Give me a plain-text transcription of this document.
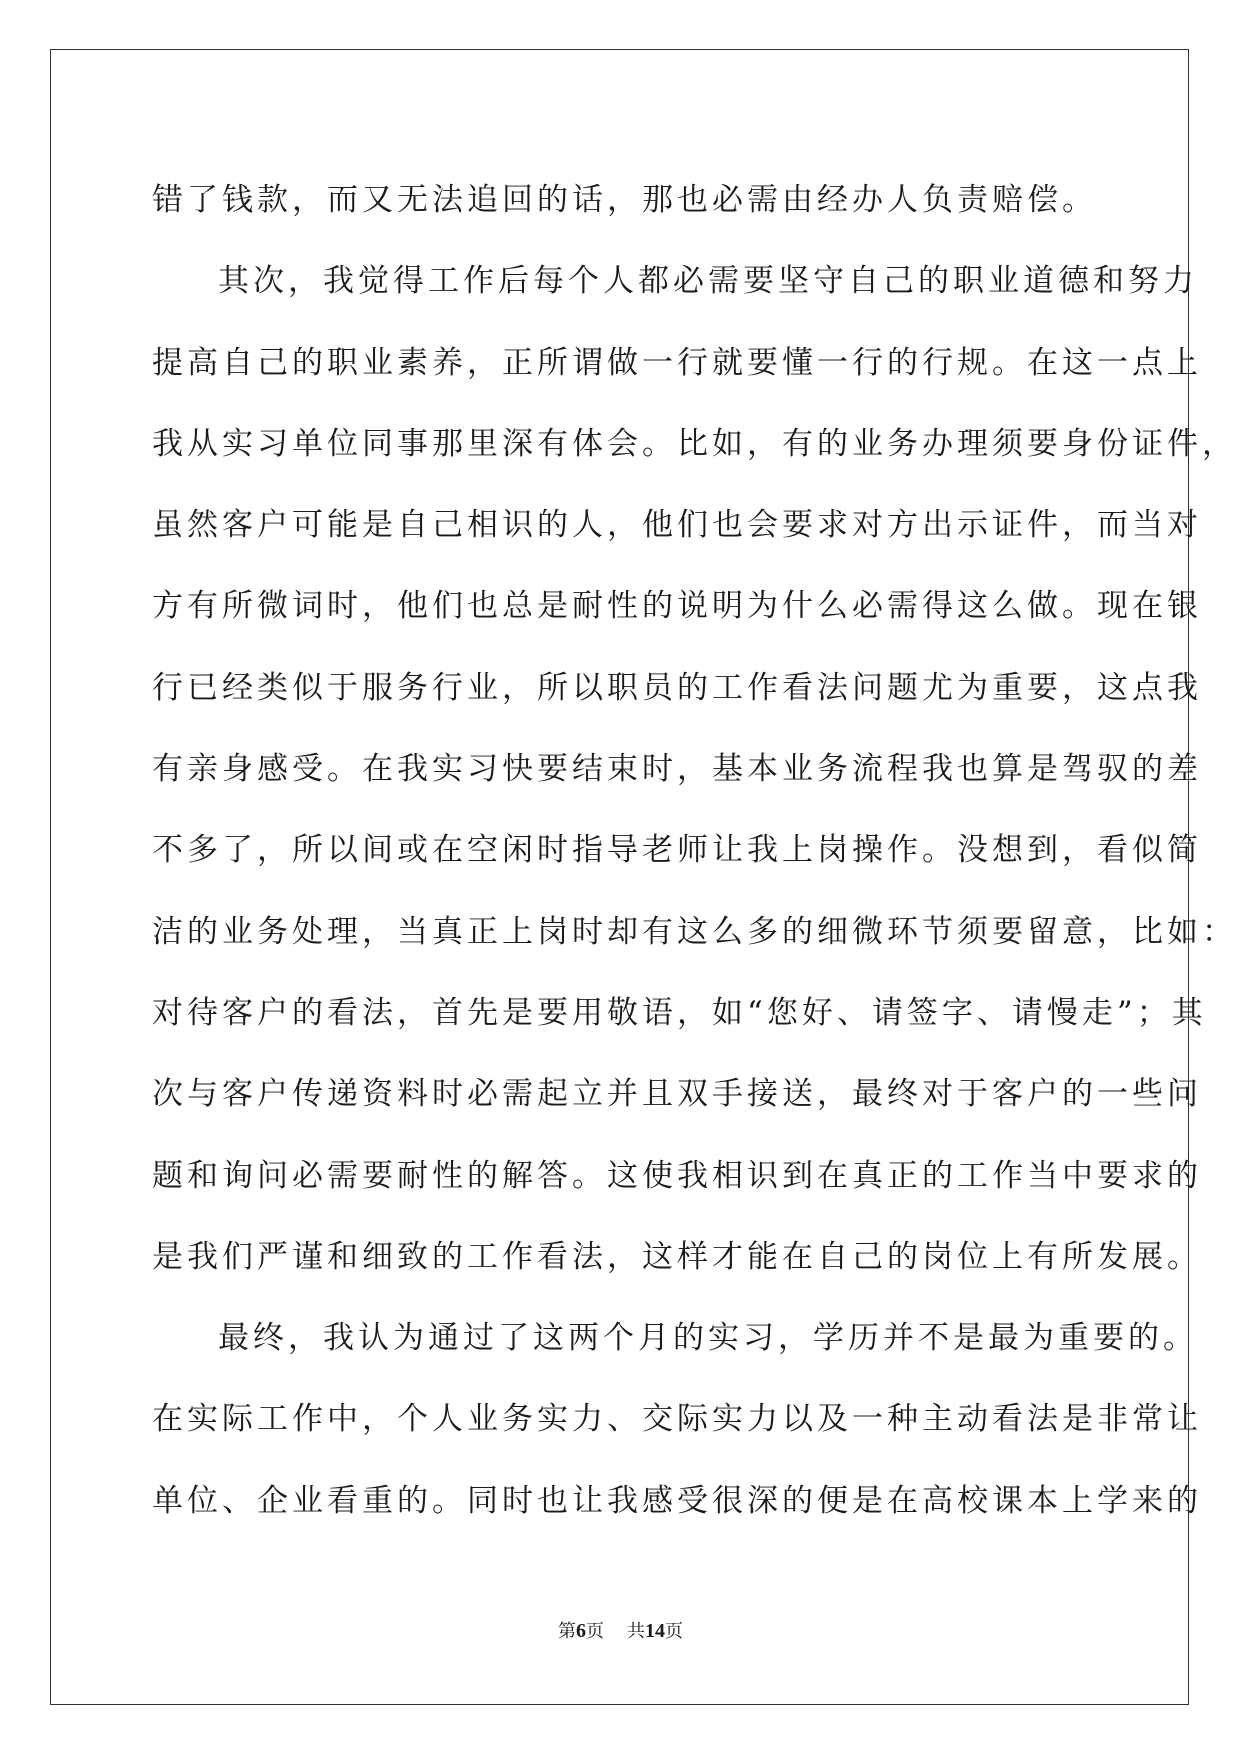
错了钱款，而又无法追回的话，那也必需由经办人负责赔偿。

其次，我觉得工作后每个人都必需要坚守自己的职业道德和努力
提高自己的职业素养，正所谓做一行就要懂一行的行规。在这一点上
我从实习单位同事那里深有体会。比如，有的业务办理须要身份证件，
虽然客户可能是自己相识的人，他们也会要求对方出示证件，而当对
方有所微词时，他们也总是耐性的说明为什么必需得这么做。现在银
行已经类似于服务行业，所以职员的工作看法问题尤为重要，这点我
有亲身感受。在我实习快要结束时，基本业务流程我也算是驾驭的差
不多了，所以间或在空闲时指导老师让我上岗操作。没想到，看似简
洁的业务处理，当真正上岗时却有这么多的细微环节须要留意，比如：
对待客户的看法，首先是要用敬语，如“您好、请签字、请慢走”；其
次与客户传递资料时必需起立并且双手接送，最终对于客户的一些问
题和询问必需要耐性的解答。这使我相识到在真正的工作当中要求的
是我们严谨和细致的工作看法，这样才能在自己的岗位上有所发展。

最终，我认为通过了这两个月的实习，学历并不是最为重要的。
在实际工作中，个人业务实力、交际实力以及一种主动看法是非常让
单位、企业看重的。同时也让我感受很深的便是在高校课本上学来的

第6页 共14页
